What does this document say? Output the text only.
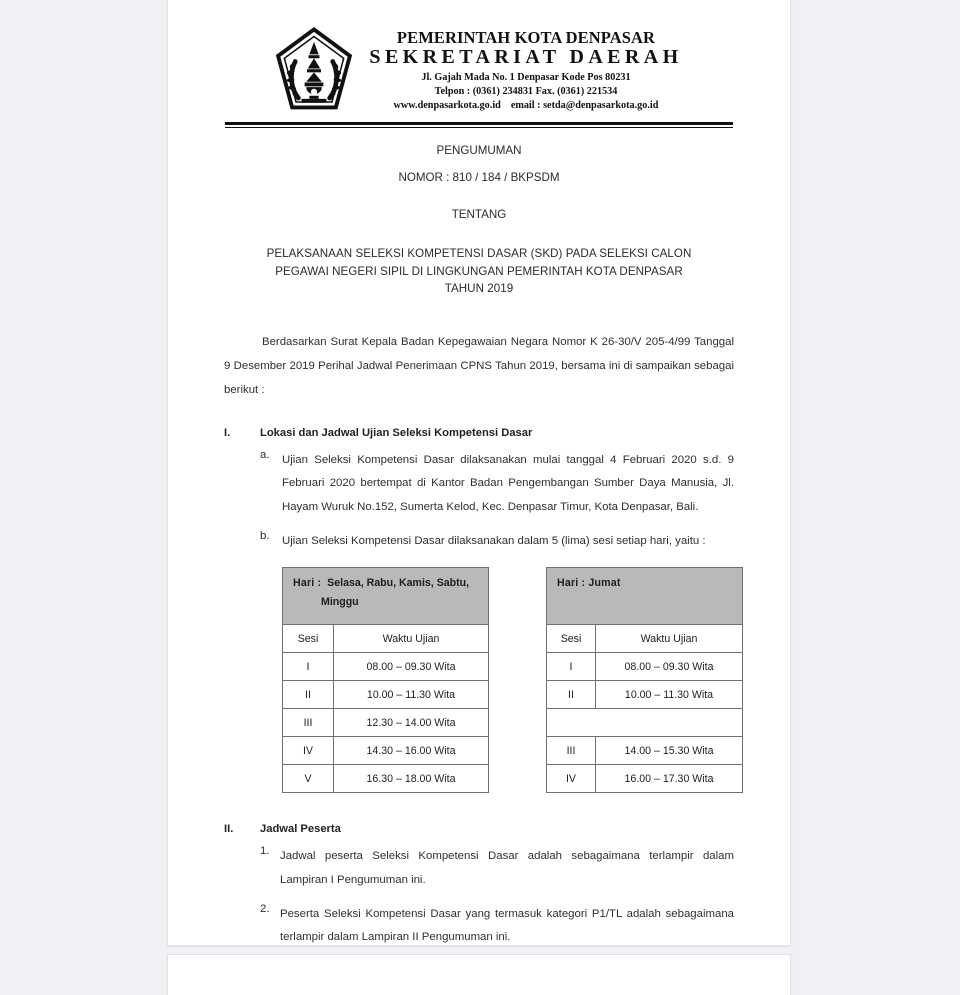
PEMERINTAH KOTA DENPASAR
SEKRETARIAT DAERAH
Jl. Gajah Mada No. 1 Denpasar Kode Pos 80231
Telpon : (0361) 234831 Fax. (0361) 221534
www.denpasarkota.go.id email : setda@denpasarkota.go.id
PENGUMUMAN
NOMOR : 810 / 184 / BKPSDM
TENTANG
PELAKSANAAN SELEKSI KOMPETENSI DASAR (SKD) PADA SELEKSI CALON
PEGAWAI NEGERI SIPIL DI LINGKUNGAN PEMERINTAH KOTA DENPASAR
TAHUN 2019

Berdasarkan Surat Kepala Badan Kepegawaian Negara Nomor K 26-30/V 205-4/99 Tanggal 9 Desember 2019 Perihal Jadwal Penerimaan CPNS Tahun 2019, bersama ini di sampaikan sebagai berikut :

I.	Lokasi dan Jadwal Ujian Seleksi Kompetensi Dasar
a.	Ujian Seleksi Kompetensi Dasar dilaksanakan mulai tanggal 4 Februari 2020 s.d. 9 Februari 2020 bertempat di Kantor Badan Pengembangan Sumber Daya Manusia, Jl. Hayam Wuruk No.152, Sumerta Kelod, Kec. Denpasar Timur, Kota Denpasar, Bali.
b.	Ujian Seleksi Kompetensi Dasar dilaksanakan dalam 5 (lima) sesi setiap hari, yaitu :
Hari : Selasa, Rabu, Kamis, Sabtu,
Minggu	
Sesi	Waktu Ujian
I	08.00 – 09.30 Wita
II	10.00 – 11.30 Wita
III	12.30 – 14.00 Wita
IV	14.30 – 16.00 Wita
V	16.30 – 18.00 Wita
Hari : Jumat	

Sesi	Waktu Ujian
I	08.00 – 09.30 Wita
II	10.00 – 11.30 Wita

III	14.00 – 15.30 Wita
IV	16.00 – 17.30 Wita
II.	Jadwal Peserta
1. Jadwal peserta Seleksi Kompetensi Dasar adalah sebagaimana terlampir dalam Lampiran I Pengumuman ini.
2. Peserta Seleksi Kompetensi Dasar yang termasuk kategori P1/TL adalah sebagaimana terlampir dalam Lampiran II Pengumuman ini.
